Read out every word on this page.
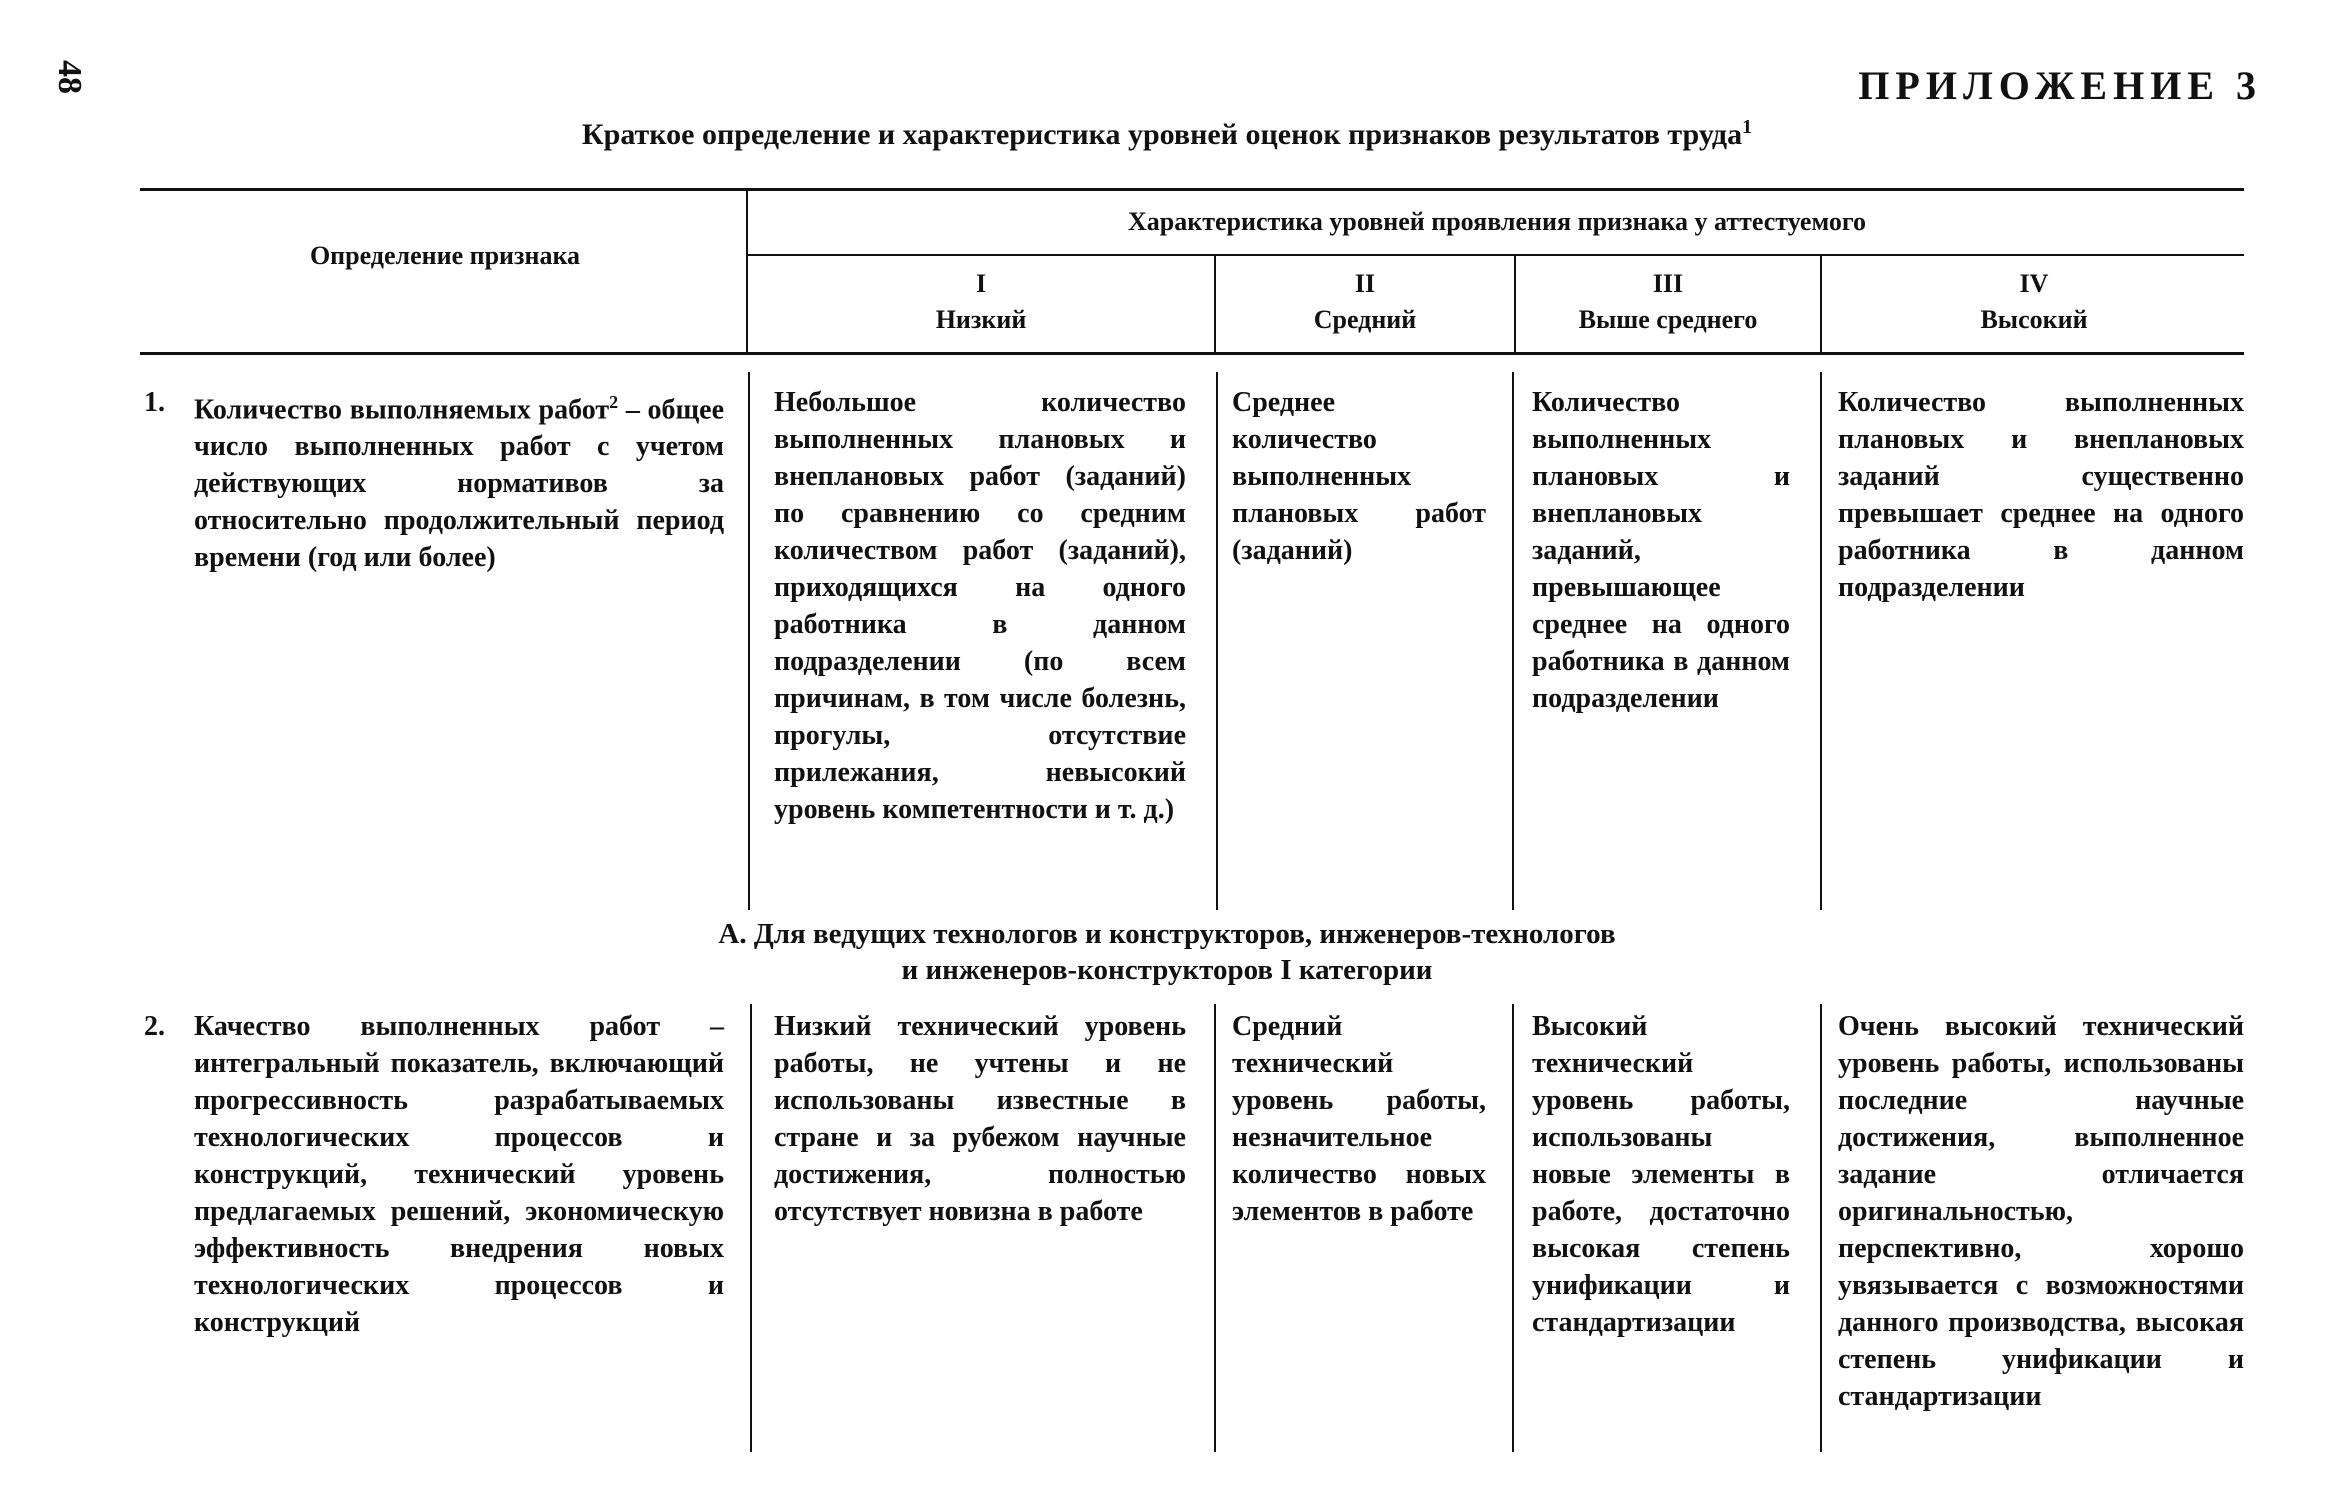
48	ПРИЛОЖЕНИЕ 3
Краткое определение и характеристика уровней оценок признаков результатов труда$^1$
Определение признака
Характеристика уровней проявления признака у аттестуемого
I
Низкий
II
Средний
III
Выше среднего
IV
Высокий
1. Количество выполняемых работ$^2$ – общее число выполненных работ с учетом действующих нормативов за относительно продолжительный период времени (год или более)
Небольшое количество выполненных плановых и внеплановых работ (заданий) по сравнению со средним количеством работ (заданий), приходящихся на одного работника в данном подразделении (по всем причинам, в том числе болезнь, прогулы, отсутствие прилежания, невысокий уровень компетентности и т. д.)
Среднее количество выполненных плановых работ (заданий)
Количество выполненных плановых и внеплановых заданий, превышающее среднее на одного работника в данном подразделении
Количество выполненных плановых и внеплановых заданий существенно превышает среднее на одного работника в данном подразделении
А. Для ведущих технологов и конструкторов, инженеров-технологов
и инженеров-конструкторов I категории
2. Качество выполненных работ – интегральный показатель, включающий прогрессивность разрабатываемых технологических процессов и конструкций, технический уровень предлагаемых решений, экономическую эффективность внедрения новых технологических процессов и конструкций
Низкий технический уровень работы, не учтены и не использованы известные в стране и за рубежом научные достижения, полностью отсутствует новизна в работе
Средний технический уровень работы, незначительное количество новых элементов в работе
Высокий технический уровень работы, использованы новые элементы в работе, достаточно высокая степень унификации и стандартизации
Очень высокий технический уровень работы, использованы последние научные достижения, выполненное задание отличается оригинальностью, перспективно, хорошо увязывается с возможностями данного производства, высокая степень унификации и стандартизации
